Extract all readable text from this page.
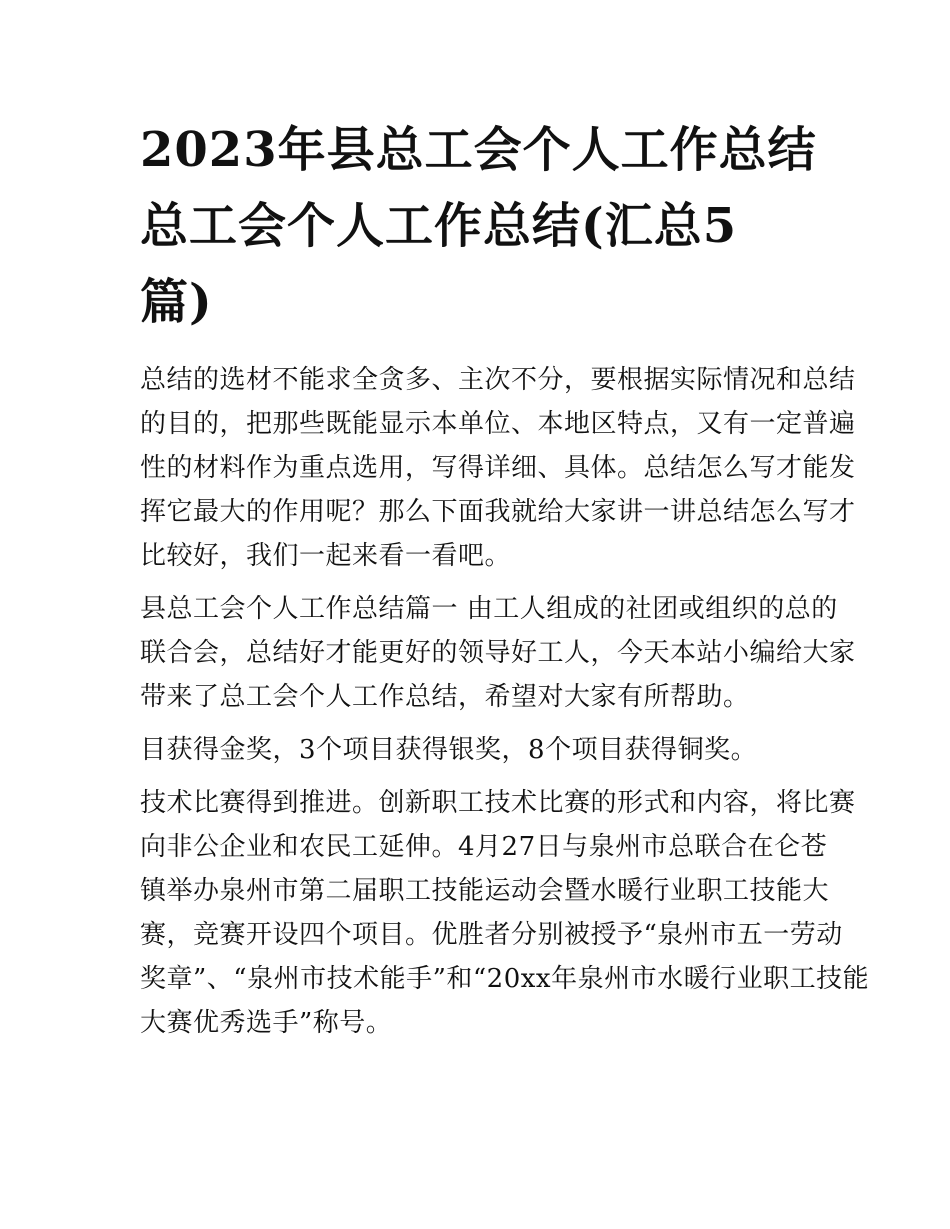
2023年县总工会个人工作总结
总工会个人工作总结(汇总5
篇)
总结的选材不能求全贪多、主次不分，要根据实际情况和总结
的目的，把那些既能显示本单位、本地区特点，又有一定普遍
性的材料作为重点选用，写得详细、具体。总结怎么写才能发
挥它最大的作用呢？那么下面我就给大家讲一讲总结怎么写才
比较好，我们一起来看一看吧。
县总工会个人工作总结篇一 由工人组成的社团或组织的总的
联合会，总结好才能更好的领导好工人，今天本站小编给大家
带来了总工会个人工作总结，希望对大家有所帮助。
目获得金奖，3个项目获得银奖，8个项目获得铜奖。
技术比赛得到推进。创新职工技术比赛的形式和内容，将比赛
向非公企业和农民工延伸。4月27日与泉州市总联合在仑苍
镇举办泉州市第二届职工技能运动会暨水暖行业职工技能大
赛，竞赛开设四个项目。优胜者分别被授予“泉州市五一劳动
奖章”、“泉州市技术能手”和“20xx年泉州市水暖行业职工技能
大赛优秀选手”称号。
